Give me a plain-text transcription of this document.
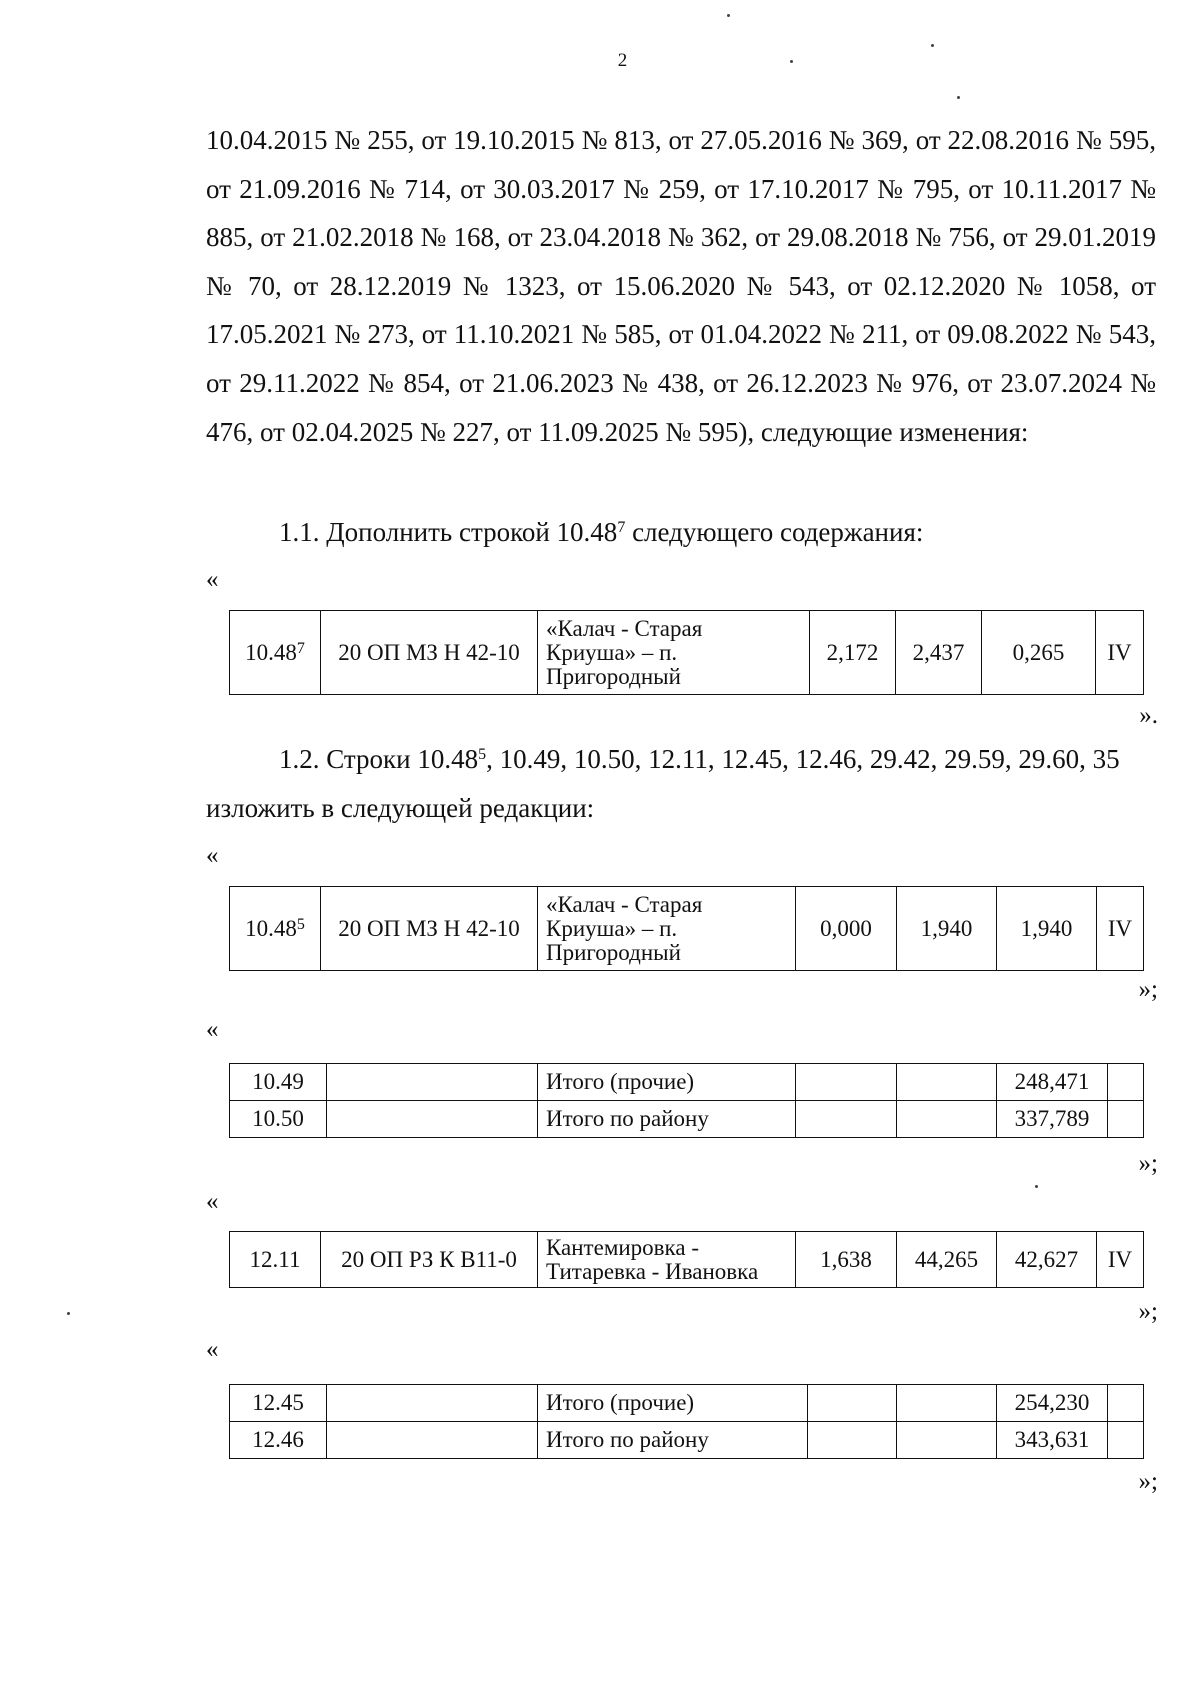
2

10.04.2015 № 255, от 19.10.2015 № 813, от 27.05.2016 № 369, от 22.08.2016 № 595, от 21.09.2016 № 714, от 30.03.2017 № 259, от 17.10.2017 № 795, от 10.11.2017 № 885, от 21.02.2018 № 168, от 23.04.2018 № 362, от 29.08.2018 № 756, от 29.01.2019 № 70, от 28.12.2019 № 1323, от 15.06.2020 № 543, от 02.12.2020 № 1058, от 17.05.2021 № 273, от 11.10.2021 № 585, от 01.04.2022 № 211, от 09.08.2022 № 543, от 29.11.2022 № 854, от 21.06.2023 № 438, от 26.12.2023 № 976, от 23.07.2024 № 476, от 02.04.2025 № 227, от 11.09.2025 № 595), следующие изменения:

1.1. Дополнить строкой 10.48$^7$ следующего содержания:
«
10.48$^7$	20 ОП МЗ Н 42-10	«Калач - Старая
Криуша» – п.
Пригородный	2,172	2,437	0,265	IV
».
1.2. Строки 10.48$^5$, 10.49, 10.50, 12.11, 12.45, 12.46, 29.42, 29.59, 29.60, 35
изложить в следующей редакции:
«
10.48$^5$	20 ОП МЗ Н 42-10	«Калач - Старая
Криуша» – п.
Пригородный	0,000	1,940	1,940	IV
»;
«
10.49		Итого (прочие)			248,471	
10.50		Итого по району			337,789	
»;
«
12.11	20 ОП РЗ К В11-0	Кантемировка -
Титаревка - Ивановка	1,638	44,265	42,627	IV
»;
«
12.45		Итого (прочие)			254,230	
12.46		Итого по району			343,631	
»;
